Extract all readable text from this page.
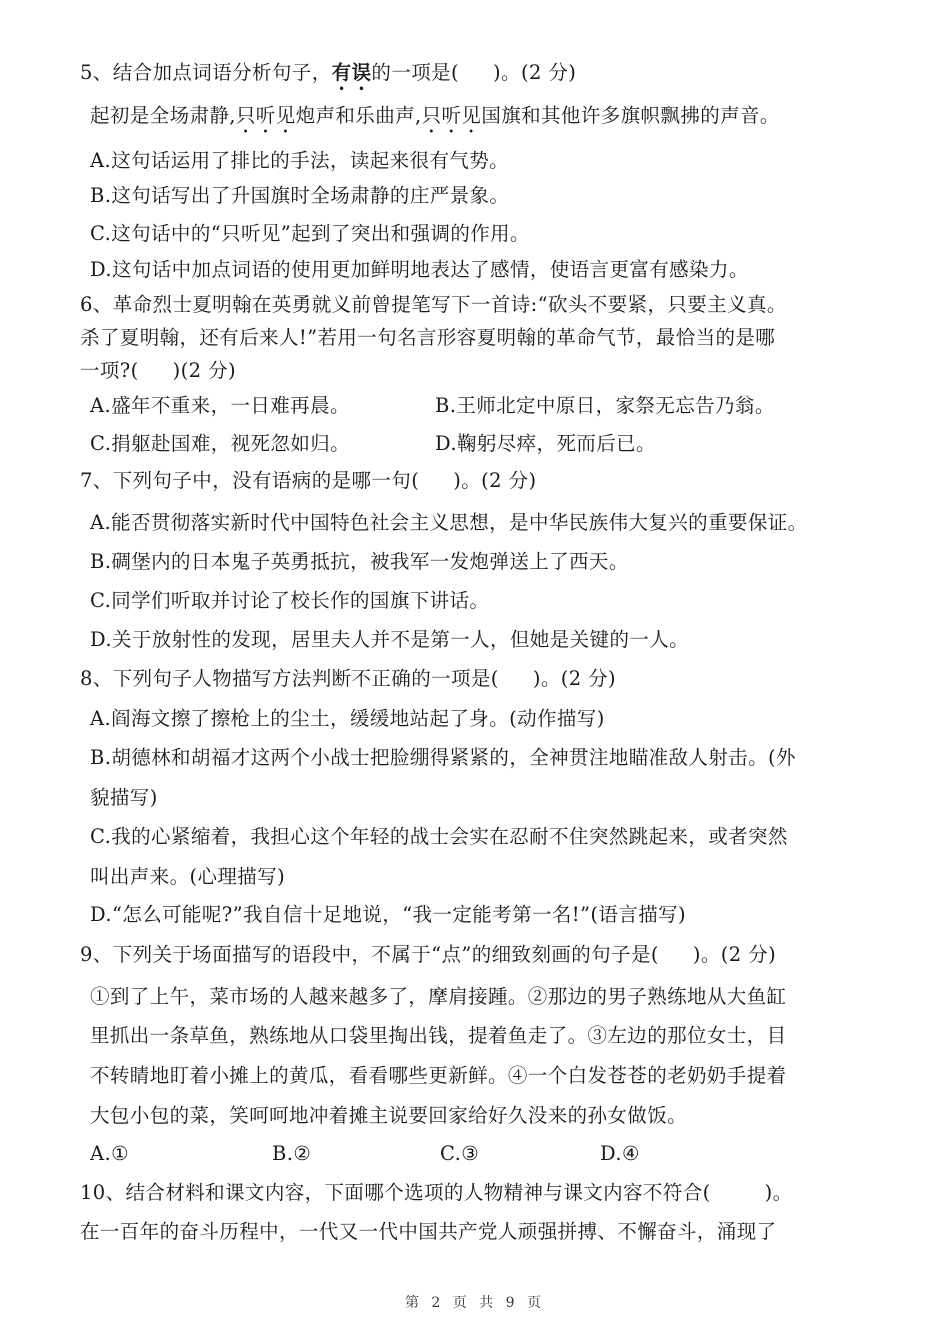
5、结合加点词语分析句子，有误的一项是( )。(2 分)
起初是全场肃静,只听见炮声和乐曲声,只听见国旗和其他许多旗帜飘拂的声音。
A.这句话运用了排比的手法，读起来很有气势。
B.这句话写出了升国旗时全场肃静的庄严景象。
C.这句话中的“只听见”起到了突出和强调的作用。
D.这句话中加点词语的使用更加鲜明地表达了感情，使语言更富有感染力。
6、革命烈士夏明翰在英勇就义前曾提笔写下一首诗:“砍头不要紧，只要主义真。
杀了夏明翰，还有后来人!”若用一句名言形容夏明翰的革命气节，最恰当的是哪
一项?( )(2 分)
A.盛年不重来，一日难再晨。	B.王师北定中原日，家祭无忘告乃翁。
C.捐躯赴国难，视死忽如归。	D.鞠躬尽瘁，死而后已。
7、下列句子中，没有语病的是哪一句( )。(2 分)
A.能否贯彻落实新时代中国特色社会主义思想，是中华民族伟大复兴的重要保证。
B.碉堡内的日本鬼子英勇抵抗，被我军一发炮弹送上了西天。
C.同学们听取并讨论了校长作的国旗下讲话。
D.关于放射性的发现，居里夫人并不是第一人，但她是关键的一人。
8、下列句子人物描写方法判断不正确的一项是( )。(2 分)
A.阎海文擦了擦枪上的尘土，缓缓地站起了身。(动作描写)
B.胡德林和胡福才这两个小战士把脸绷得紧紧的，全神贯注地瞄准敌人射击。(外
貌描写)
C.我的心紧缩着，我担心这个年轻的战士会实在忍耐不住突然跳起来，或者突然
叫出声来。(心理描写)
D.“怎么可能呢?”我自信十足地说，“我一定能考第一名!”(语言描写)
9、下列关于场面描写的语段中，不属于“点”的细致刻画的句子是( )。(2 分)
①到了上午，菜市场的人越来越多了，摩肩接踵。②那边的男子熟练地从大鱼缸
里抓出一条草鱼，熟练地从口袋里掏出钱，提着鱼走了。③左边的那位女士，目
不转睛地盯着小摊上的黄瓜，看看哪些更新鲜。④一个白发苍苍的老奶奶手提着
大包小包的菜，笑呵呵地冲着摊主说要回家给好久没来的孙女做饭。
A.①	B.②	C.③	D.④
10、结合材料和课文内容，下面哪个选项的人物精神与课文内容不符合(	)。
在一百年的奋斗历程中，一代又一代中国共产党人顽强拼搏、不懈奋斗，涌现了
第 2 页 共 9 页
